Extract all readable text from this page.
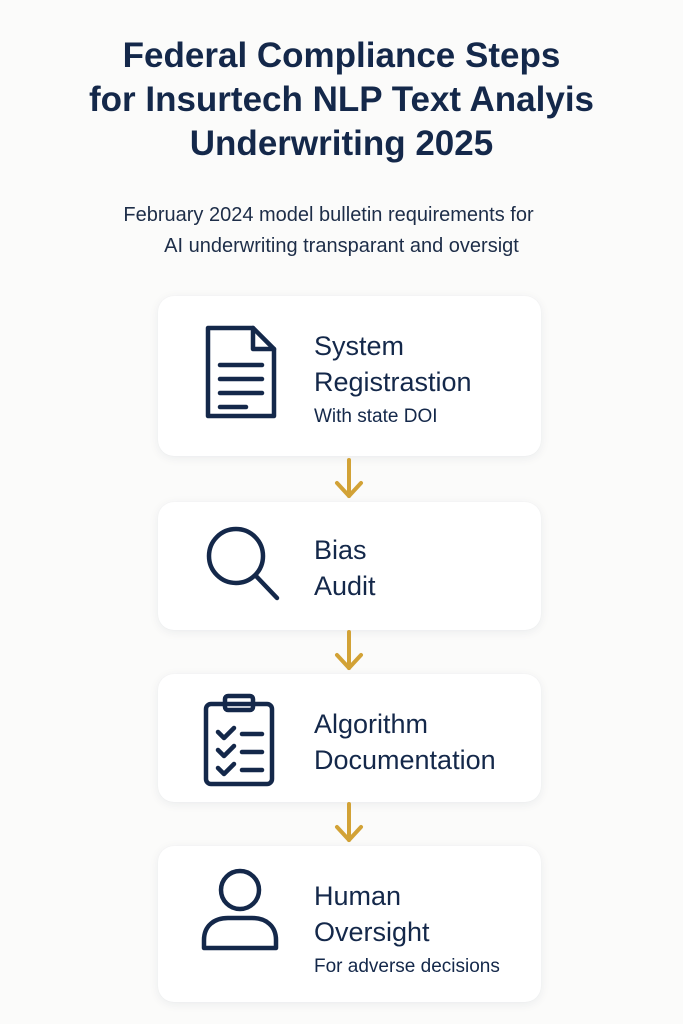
Federal Compliance Steps
for Insurtech NLP Text Analyis
Underwriting 2025

February 2024 model bulletin requirements for
AI underwriting transparant and oversigt

System
Registrastion
With state DOI
Bias
Audit
Algorithm
Documentation
Human
Oversight
For adverse decisions
